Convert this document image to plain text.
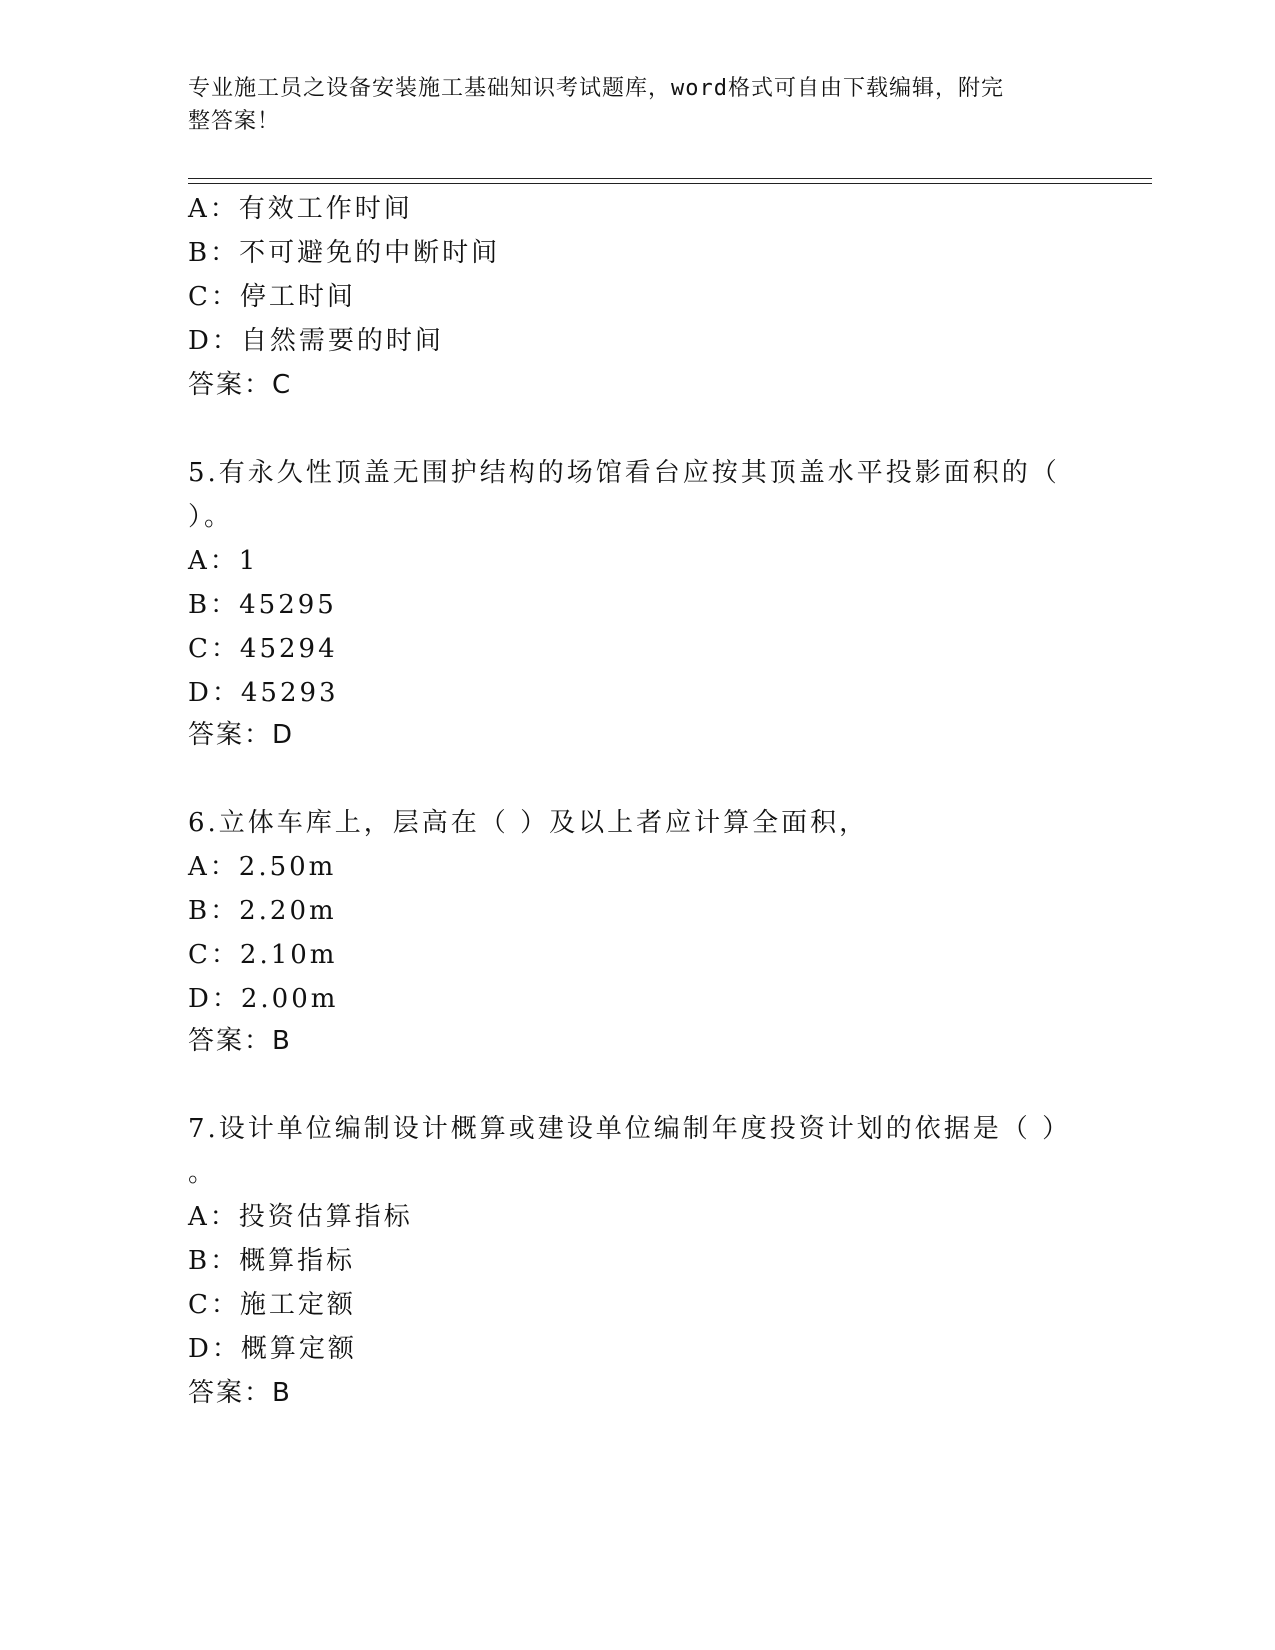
专业施工员之设备安装施工基础知识考试题库，word格式可自由下载编辑，附完
整答案！
A：有效工作时间
B：不可避免的中断时间
C：停工时间
D：自然需要的时间
答案：C
5.有永久性顶盖无围护结构的场馆看台应按其顶盖水平投影面积的（
）。
A：1
B：45295
C：45294
D：45293
答案：D
6.立体车库上，层高在（ ）及以上者应计算全面积，
A：2.50m
B：2.20m
C：2.10m
D：2.00m
答案：B
7.设计单位编制设计概算或建设单位编制年度投资计划的依据是（ ）
。
A：投资估算指标
B：概算指标
C：施工定额
D：概算定额
答案：B
